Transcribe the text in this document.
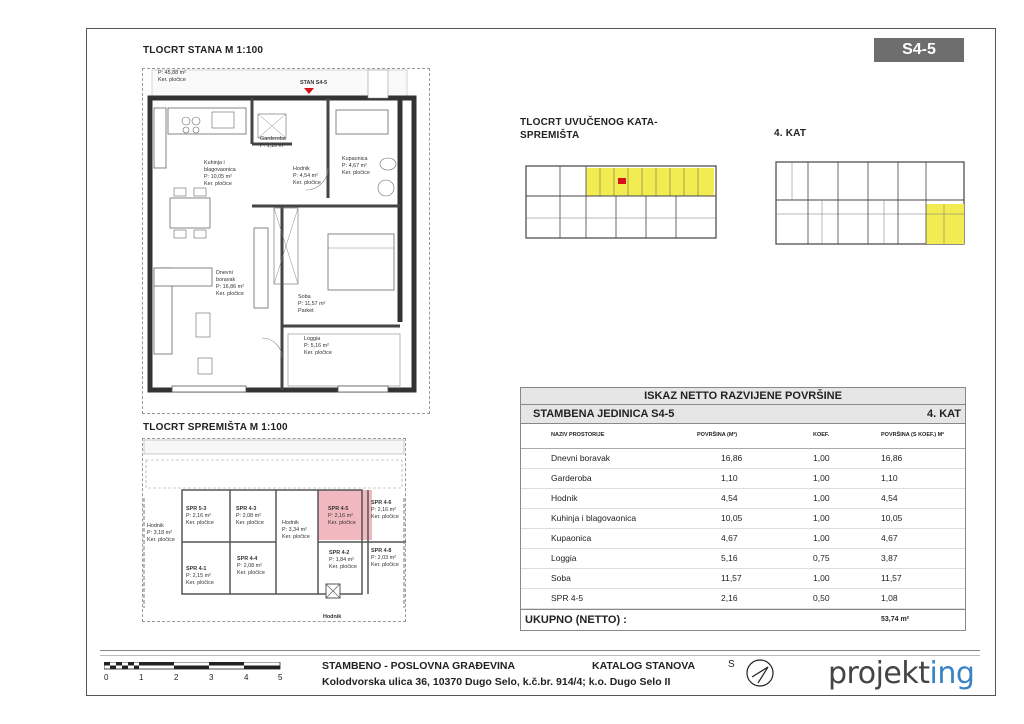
TLOCRT STANA M 1:100
TLOCRT SPREMIŠTA M 1:100
TLOCRT UVUČENOG KATA-
SPREMIŠTA	4. KAT
S4-5
P: 45,88 m²
Ker. pločice	STAN S4-5
Garderoba
P: 1,10 m²
Kuhinja i
blagovaonica
P: 10,05 m²
Ker. pločice
Hodnik
P: 4,54 m²
Ker. pločice
Kupaonica
P: 4,67 m²
Ker. pločice
Dnevni
boravak
P: 16,86 m²
Ker. pločice	Soba
P: 11,57 m²
Parket
Loggia
P: 5,16 m²
Ker. pločice
Hodnik
P: 3,18 m²
Ker. pločice
SPR 5-3
P: 2,16 m²
Ker. pločice
SPR 4-3
P: 2,08 m²
Ker. pločice	Hodnik
P: 3,34 m²
Ker. pločice
SPR 4-5
P: 2,16 m²
Ker. pločice
SPR 4-6
P: 2,16 m²
Ker. pločice
SPR 4-1
P: 2,15 m²
Ker. pločice
SPR 4-4
P: 2,08 m²
Ker. pločice
SPR 4-2
P: 1,84 m²
Ker. pločice
SPR 4-8
P: 2,03 m²
Ker. pločice
Hodnik
ISKAZ NETTO RAZVIJENE POVRŠINE
STAMBENA JEDINICA S4-5	4. KAT
NAZIV PROSTORIJE	POVRŠINA (M²)	KOEF.	POVRŠINA (S KOEF.) M²
Dnevni boravak	16,86	1,00	16,86
Garderoba	1,10	1,00	1,10
Hodnik	4,54	1,00	4,54
Kuhinja i blagovaonica	10,05	1,00	10,05
Kupaonica	4,67	1,00	4,67
Loggia	5,16	0,75	3,87
Soba	11,57	1,00	11,57
SPR 4-5	2,16	0,50	1,08
UKUPNO (NETTO) :	53,74 m²
0	1	2	3	4	5
STAMBENO - POSLOVNA GRAĐEVINA	KATALOG STANOVA
Kolodvorska ulica 36, 10370 Dugo Selo, k.č.br. 914/4; k.o. Dugo Selo II
S	projekting
